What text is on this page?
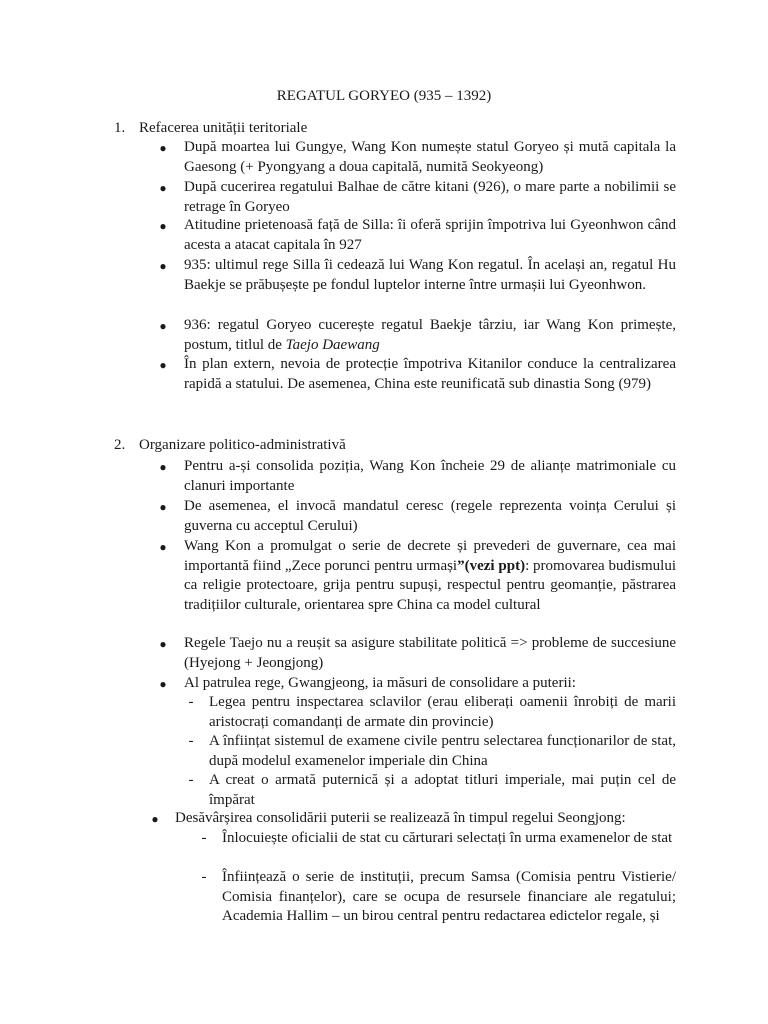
REGATUL GORYEO (935 – 1392)
1. Refacerea unității teritoriale
● După moartea lui Gungye, Wang Kon numește statul Goryeo și mută capitala la Gaesong (+ Pyongyang a doua capitală, numită Seokyeong)
● După cucerirea regatului Balhae de către kitani (926), o mare parte a nobilimii se retrage în Goryeo
● Atitudine prietenoasă față de Silla: îi oferă sprijin împotriva lui Gyeonhwon când acesta a atacat capitala în 927
● 935: ultimul rege Silla îi cedează lui Wang Kon regatul. În același an, regatul Hu Baekje se prăbușește pe fondul luptelor interne între urmașii lui Gyeonhwon.
● 936: regatul Goryeo cucerește regatul Baekje târziu, iar Wang Kon primește, postum, titlul de Taejo Daewang
● În plan extern, nevoia de protecție împotriva Kitanilor conduce la centralizarea rapidă a statului. De asemenea, China este reunificată sub dinastia Song (979)
2. Organizare politico-administrativă
● Pentru a-și consolida poziția, Wang Kon încheie 29 de alianțe matrimoniale cu clanuri importante
● De asemenea, el invocă mandatul ceresc (regele reprezenta voința Cerului și guverna cu acceptul Cerului)
● Wang Kon a promulgat o serie de decrete și prevederi de guvernare, cea mai importantă fiind „Zece porunci pentru urmași”(vezi ppt): promovarea budismului ca religie protectoare, grija pentru supuși, respectul pentru geomanție, păstrarea tradițiilor culturale, orientarea spre China ca model cultural
● Regele Taejo nu a reușit sa asigure stabilitate politică => probleme de succesiune (Hyejong + Jeongjong)
● Al patrulea rege, Gwangjeong, ia măsuri de consolidare a puterii:
- Legea pentru inspectarea sclavilor (erau eliberați oamenii înrobiți de marii aristocrați comandanți de armate din provincie)
- A înființat sistemul de examene civile pentru selectarea funcționarilor de stat, după modelul examenelor imperiale din China
- A creat o armată puternică și a adoptat titluri imperiale, mai puțin cel de împărat
● Desăvârșirea consolidării puterii se realizează în timpul regelui Seongjong:
- Înlocuiește oficialii de stat cu cărturari selectați în urma examenelor de stat
- Înființează o serie de instituții, precum Samsa (Comisia pentru Vistierie/ Comisia finanțelor), care se ocupa de resursele financiare ale regatului; Academia Hallim – un birou central pentru redactarea edictelor regale, și
